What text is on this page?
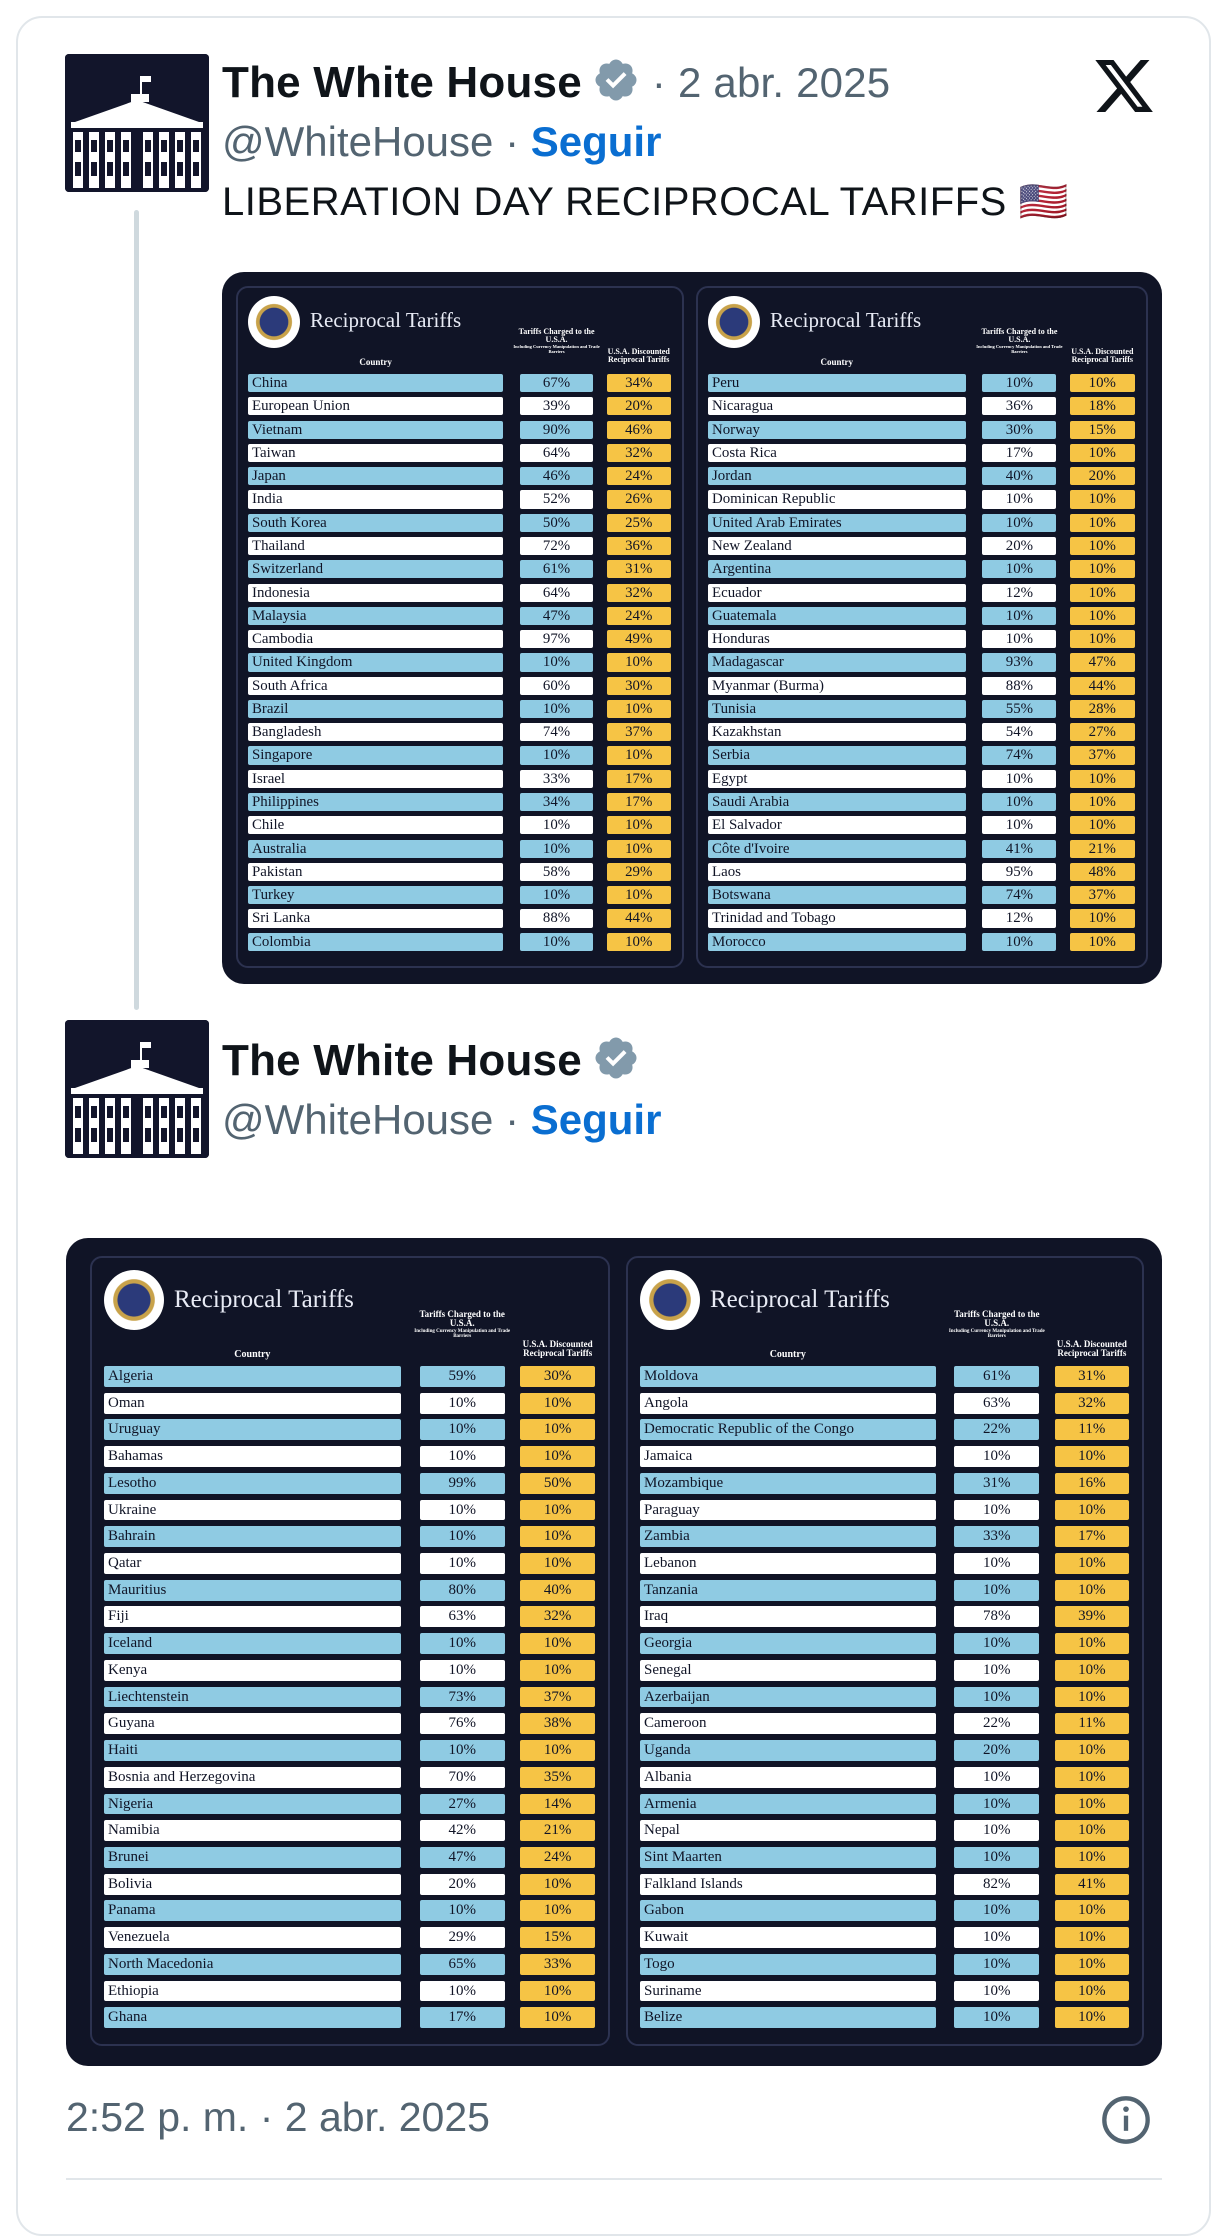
The White House · 2 abr. 2025
@WhiteHouse · Seguir
LIBERATION DAY RECIPROCAL TARIFFS 🇺🇸
Reciprocal Tariffs
Country
Tariffs Charged to the U.S.A.
Including Currency Manipulation and Trade Barriers	U.S.A. Discounted Reciprocal Tariffs
China	67%	34%
European Union	39%	20%
Vietnam	90%	46%
Taiwan	64%	32%
Japan	46%	24%
India	52%	26%
South Korea	50%	25%
Thailand	72%	36%
Switzerland	61%	31%
Indonesia	64%	32%
Malaysia	47%	24%
Cambodia	97%	49%
United Kingdom	10%	10%
South Africa	60%	30%
Brazil	10%	10%
Bangladesh	74%	37%
Singapore	10%	10%
Israel	33%	17%
Philippines	34%	17%
Chile	10%	10%
Australia	10%	10%
Pakistan	58%	29%
Turkey	10%	10%
Sri Lanka	88%	44%
Colombia	10%	10%
Reciprocal Tariffs
Country
Tariffs Charged to the U.S.A.
Including Currency Manipulation and Trade Barriers	U.S.A. Discounted Reciprocal Tariffs
Peru	10%	10%
Nicaragua	36%	18%
Norway	30%	15%
Costa Rica	17%	10%
Jordan	40%	20%
Dominican Republic	10%	10%
United Arab Emirates	10%	10%
New Zealand	20%	10%
Argentina	10%	10%
Ecuador	12%	10%
Guatemala	10%	10%
Honduras	10%	10%
Madagascar	93%	47%
Myanmar (Burma)	88%	44%
Tunisia	55%	28%
Kazakhstan	54%	27%
Serbia	74%	37%
Egypt	10%	10%
Saudi Arabia	10%	10%
El Salvador	10%	10%
Côte d'Ivoire	41%	21%
Laos	95%	48%
Botswana	74%	37%
Trinidad and Tobago	12%	10%
Morocco	10%	10%
The White House
@WhiteHouse · Seguir
Reciprocal Tariffs
Country
Tariffs Charged to the U.S.A.
Including Currency Manipulation and Trade Barriers
U.S.A. Discounted Reciprocal Tariffs
Algeria	59%	30%
Oman	10%	10%
Uruguay	10%	10%
Bahamas	10%	10%
Lesotho	99%	50%
Ukraine	10%	10%
Bahrain	10%	10%
Qatar	10%	10%
Mauritius	80%	40%
Fiji	63%	32%
Iceland	10%	10%
Kenya	10%	10%
Liechtenstein	73%	37%
Guyana	76%	38%
Haiti	10%	10%
Bosnia and Herzegovina	70%	35%
Nigeria	27%	14%
Namibia	42%	21%
Brunei	47%	24%
Bolivia	20%	10%
Panama	10%	10%
Venezuela	29%	15%
North Macedonia	65%	33%
Ethiopia	10%	10%
Ghana	17%	10%
Reciprocal Tariffs
Country
Tariffs Charged to the U.S.A.
Including Currency Manipulation and Trade Barriers
U.S.A. Discounted Reciprocal Tariffs
Moldova	61%	31%
Angola	63%	32%
Democratic Republic of the Congo	22%	11%
Jamaica	10%	10%
Mozambique	31%	16%
Paraguay	10%	10%
Zambia	33%	17%
Lebanon	10%	10%
Tanzania	10%	10%
Iraq	78%	39%
Georgia	10%	10%
Senegal	10%	10%
Azerbaijan	10%	10%
Cameroon	22%	11%
Uganda	20%	10%
Albania	10%	10%
Armenia	10%	10%
Nepal	10%	10%
Sint Maarten	10%	10%
Falkland Islands	82%	41%
Gabon	10%	10%
Kuwait	10%	10%
Togo	10%	10%
Suriname	10%	10%
Belize	10%	10%
2:52 p. m. · 2 abr. 2025
